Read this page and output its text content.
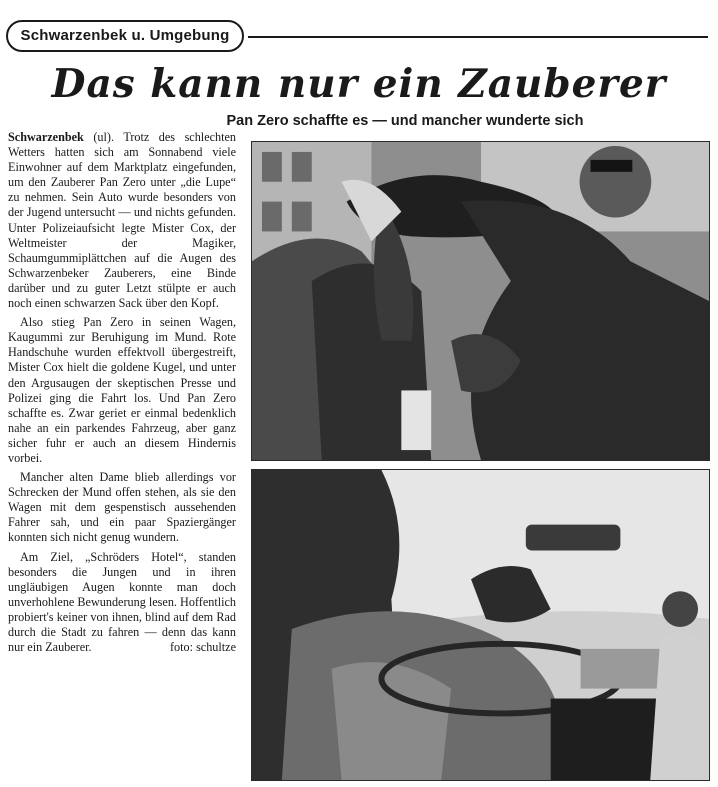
Schwarzenbek u. Umgebung
Das kann nur ein Zauberer
Pan Zero schaffte es — und mancher wunderte sich

Schwarzenbek (ul). Trotz des schlechten Wetters hatten sich am Sonnabend viele Einwohner auf dem Marktplatz eingefunden, um den Zauberer Pan Zero unter „die Lupe“ zu nehmen. Sein Auto wurde besonders von der Jugend untersucht — und nichts gefunden. Unter Polizeiaufsicht legte Mister Cox, der Weltmeister der Magiker, Schaumgummiplättchen auf die Augen des Schwarzenbeker Zauberers, eine Binde darüber und zu guter Letzt stülpte er auch noch einen schwarzen Sack über den Kopf.

Also stieg Pan Zero in seinen Wagen, Kaugummi zur Beruhigung im Mund. Rote Handschuhe wurden effektvoll übergestreift, Mister Cox hielt die goldene Kugel, und unter den Argusaugen der skeptischen Presse und Polizei ging die Fahrt los. Und Pan Zero schaffte es. Zwar geriet er einmal bedenklich nahe an ein parkendes Fahrzeug, aber ganz sicher fuhr er auch an diesem Hindernis vorbei.

Mancher alten Dame blieb allerdings vor Schrecken der Mund offen stehen, als sie den Wagen mit dem gespenstisch aussehenden Fahrer sah, und ein paar Spaziergänger konnten sich nicht genug wundern.

Am Ziel, „Schröders Hotel“, standen besonders die Jungen und in ihren ungläubigen Augen konnte man doch unverhohlene Bewunderung lesen. Hoffentlich probiert's keiner von ihnen, blind auf dem Rad durch die Stadt zu fahren — denn das kann nur ein Zauberer.	foto: schultze
